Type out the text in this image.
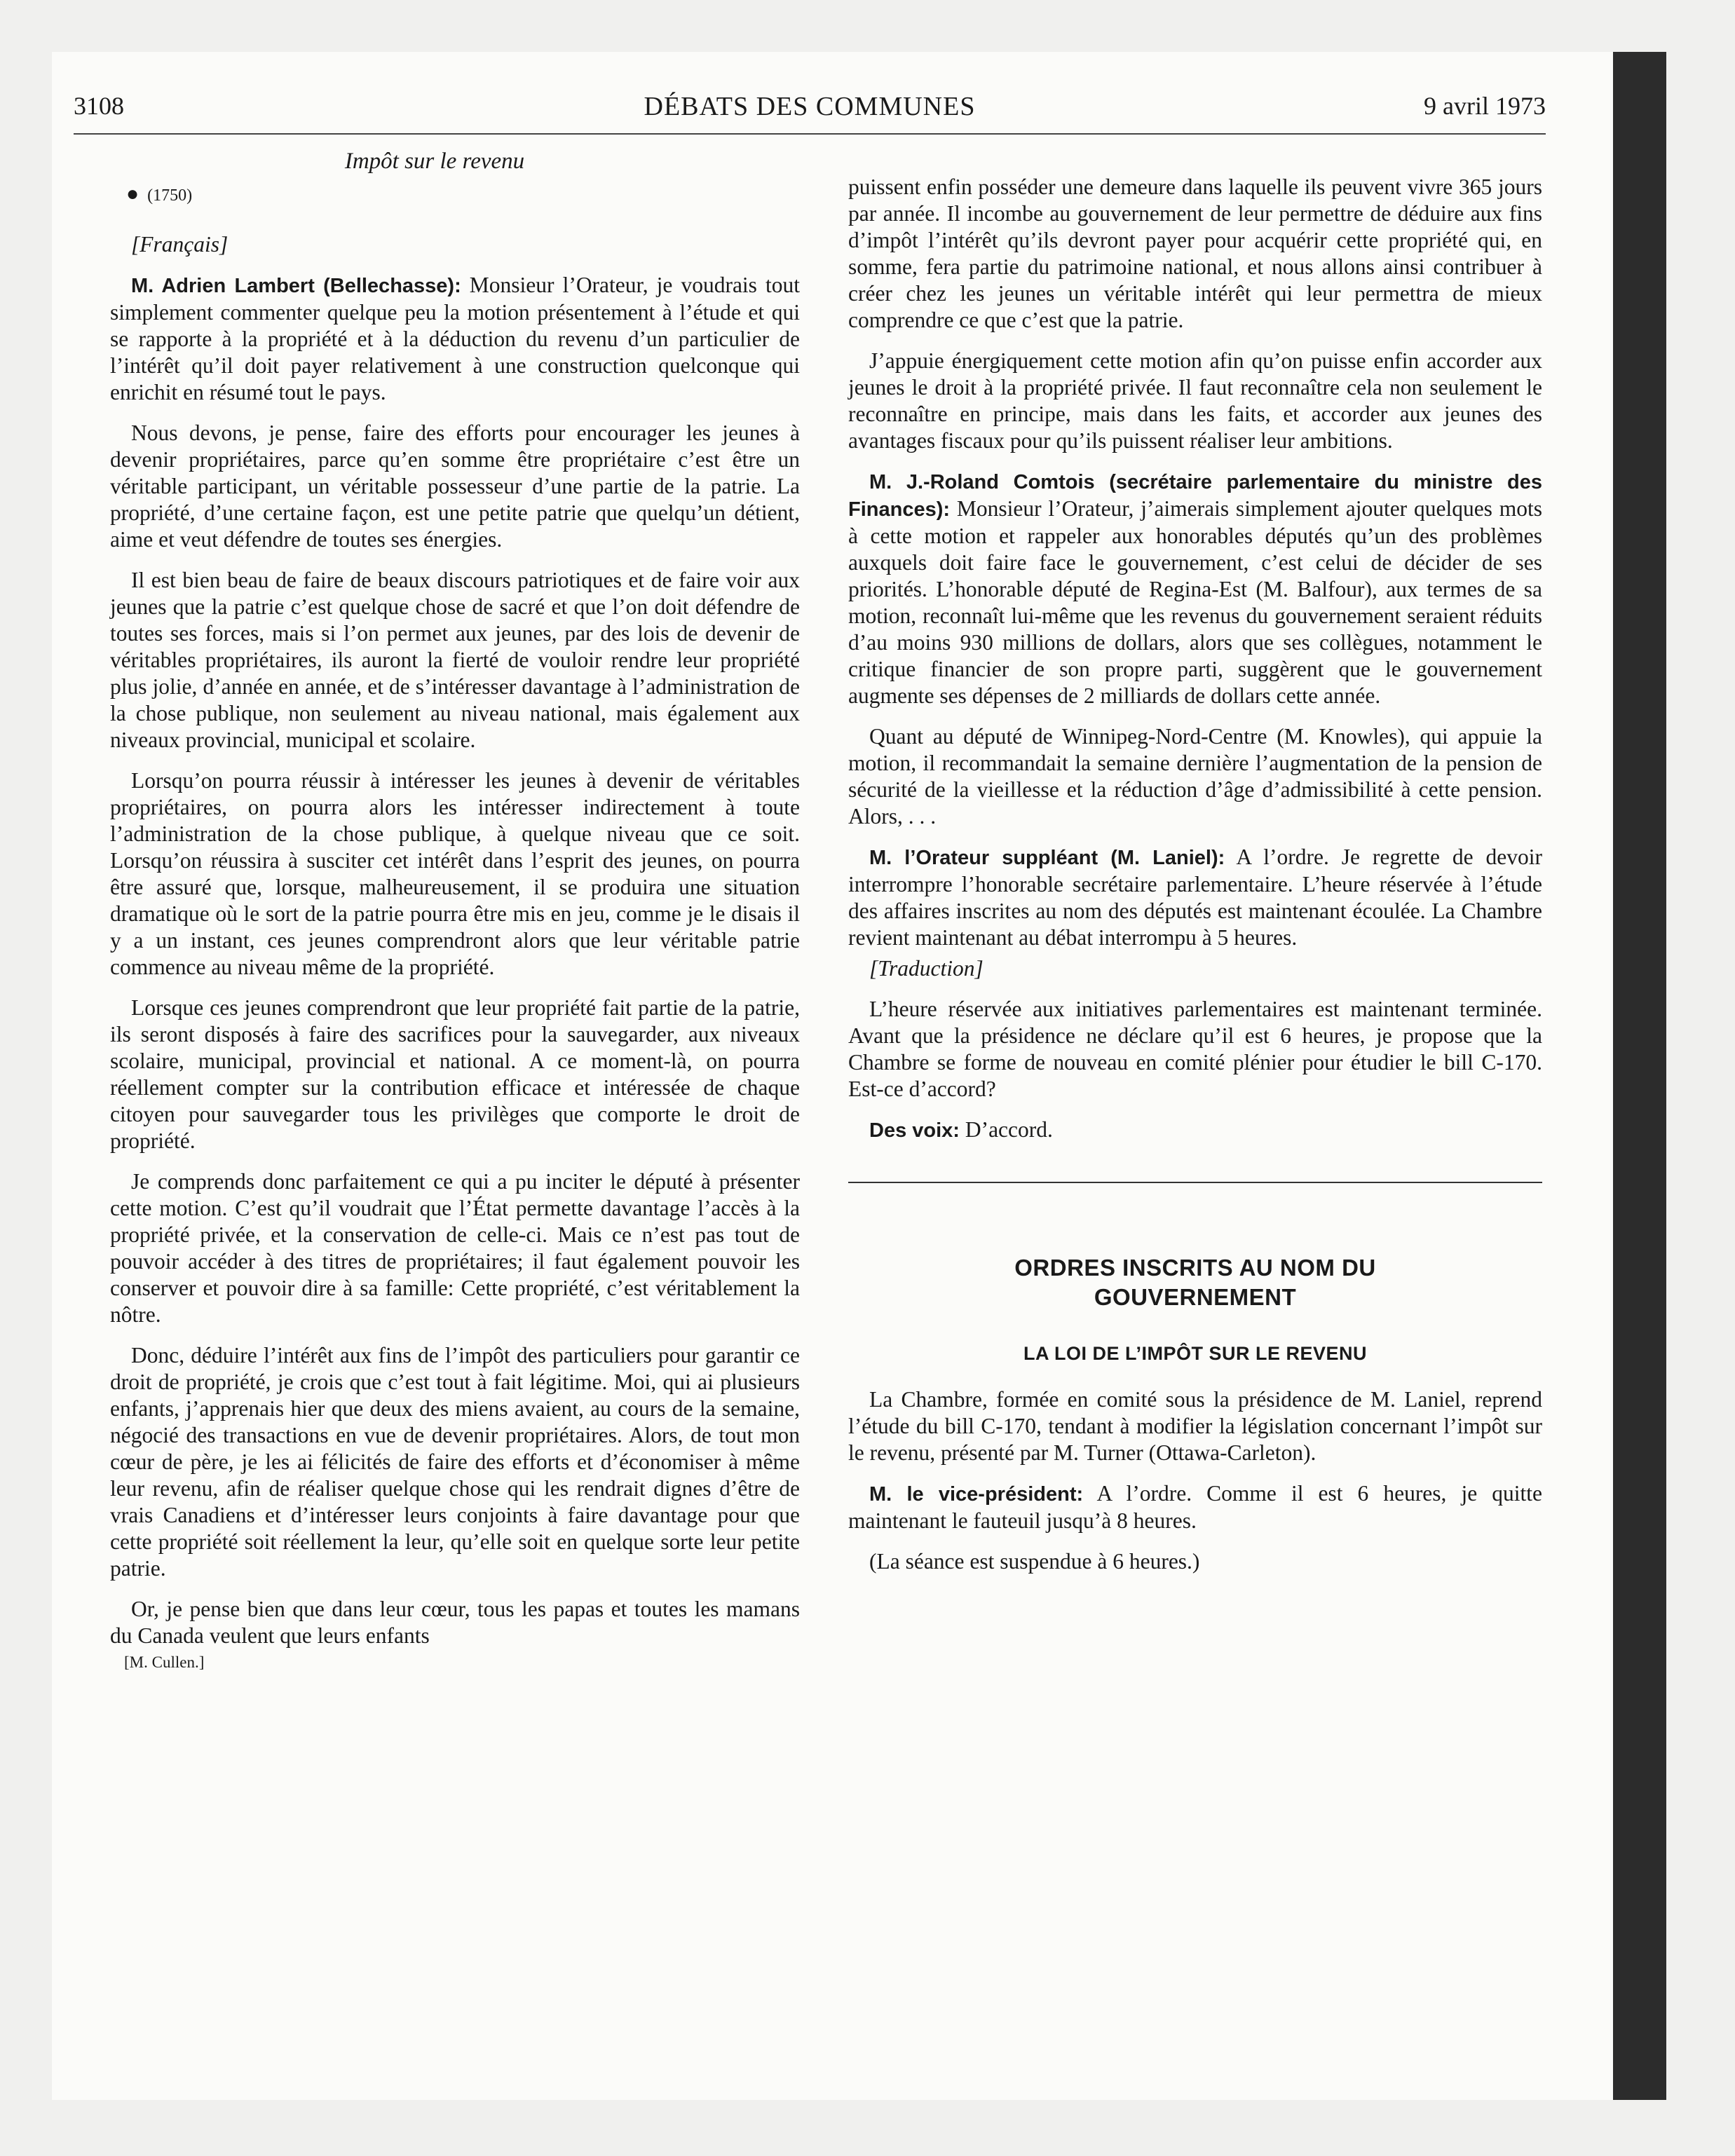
3108	DÉBATS DES COMMUNES	9 avril 1973
Impôt sur le revenu
● (1750)

[Français]

M. Adrien Lambert (Bellechasse): Monsieur l’Orateur, je voudrais tout simplement commenter quelque peu la motion présentement à l’étude et qui se rapporte à la propriété et à la déduction du revenu d’un particulier de l’intérêt qu’il doit payer relativement à une construction quelconque qui enrichit en résumé tout le pays.

Nous devons, je pense, faire des efforts pour encourager les jeunes à devenir propriétaires, parce qu’en somme être propriétaire c’est être un véritable participant, un véritable possesseur d’une partie de la patrie. La propriété, d’une certaine façon, est une petite patrie que quelqu’un détient, aime et veut défendre de toutes ses énergies.

Il est bien beau de faire de beaux discours patriotiques et de faire voir aux jeunes que la patrie c’est quelque chose de sacré et que l’on doit défendre de toutes ses forces, mais si l’on permet aux jeunes, par des lois de devenir de véritables propriétaires, ils auront la fierté de vouloir rendre leur propriété plus jolie, d’année en année, et de s’intéresser davantage à l’administration de la chose publique, non seulement au niveau national, mais également aux niveaux provincial, municipal et scolaire.

Lorsqu’on pourra réussir à intéresser les jeunes à devenir de véritables propriétaires, on pourra alors les intéresser indirectement à toute l’administration de la chose publique, à quelque niveau que ce soit. Lorsqu’on réussira à susciter cet intérêt dans l’esprit des jeunes, on pourra être assuré que, lorsque, malheureusement, il se produira une situation dramatique où le sort de la patrie pourra être mis en jeu, comme je le disais il y a un instant, ces jeunes comprendront alors que leur véritable patrie commence au niveau même de la propriété.

Lorsque ces jeunes comprendront que leur propriété fait partie de la patrie, ils seront disposés à faire des sacrifices pour la sauvegarder, aux niveaux scolaire, municipal, provincial et national. A ce moment-là, on pourra réellement compter sur la contribution efficace et intéressée de chaque citoyen pour sauvegarder tous les privilèges que comporte le droit de propriété.

Je comprends donc parfaitement ce qui a pu inciter le député à présenter cette motion. C’est qu’il voudrait que l’État permette davantage l’accès à la propriété privée, et la conservation de celle-ci. Mais ce n’est pas tout de pouvoir accéder à des titres de propriétaires; il faut également pouvoir les conserver et pouvoir dire à sa famille: Cette propriété, c’est véritablement la nôtre.

Donc, déduire l’intérêt aux fins de l’impôt des particuliers pour garantir ce droit de propriété, je crois que c’est tout à fait légitime. Moi, qui ai plusieurs enfants, j’apprenais hier que deux des miens avaient, au cours de la semaine, négocié des transactions en vue de devenir propriétaires. Alors, de tout mon cœur de père, je les ai félicités de faire des efforts et d’économiser à même leur revenu, afin de réaliser quelque chose qui les rendrait dignes d’être de vrais Canadiens et d’intéresser leurs conjoints à faire davantage pour que cette propriété soit réellement la leur, qu’elle soit en quelque sorte leur petite patrie.

Or, je pense bien que dans leur cœur, tous les papas et toutes les mamans du Canada veulent que leurs enfants

[M. Cullen.]

puissent enfin posséder une demeure dans laquelle ils peuvent vivre 365 jours par année. Il incombe au gouvernement de leur permettre de déduire aux fins d’impôt l’intérêt qu’ils devront payer pour acquérir cette propriété qui, en somme, fera partie du patrimoine national, et nous allons ainsi contribuer à créer chez les jeunes un véritable intérêt qui leur permettra de mieux comprendre ce que c’est que la patrie.

J’appuie énergiquement cette motion afin qu’on puisse enfin accorder aux jeunes le droit à la propriété privée. Il faut reconnaître cela non seulement le reconnaître en principe, mais dans les faits, et accorder aux jeunes des avantages fiscaux pour qu’ils puissent réaliser leur ambitions.

M. J.-Roland Comtois (secrétaire parlementaire du ministre des Finances): Monsieur l’Orateur, j’aimerais simplement ajouter quelques mots à cette motion et rappeler aux honorables députés qu’un des problèmes auxquels doit faire face le gouvernement, c’est celui de décider de ses priorités. L’honorable député de Regina-Est (M. Balfour), aux termes de sa motion, reconnaît lui-même que les revenus du gouvernement seraient réduits d’au moins 930 millions de dollars, alors que ses collègues, notamment le critique financier de son propre parti, suggèrent que le gouvernement augmente ses dépenses de 2 milliards de dollars cette année.

Quant au député de Winnipeg-Nord-Centre (M. Knowles), qui appuie la motion, il recommandait la semaine dernière l’augmentation de la pension de sécurité de la vieillesse et la réduction d’âge d’admissibilité à cette pension. Alors, . . .

M. l’Orateur suppléant (M. Laniel): A l’ordre. Je regrette de devoir interrompre l’honorable secrétaire parlementaire. L’heure réservée à l’étude des affaires inscrites au nom des députés est maintenant écoulée. La Chambre revient maintenant au débat interrompu à 5 heures.

[Traduction]

L’heure réservée aux initiatives parlementaires est maintenant terminée. Avant que la présidence ne déclare qu’il est 6 heures, je propose que la Chambre se forme de nouveau en comité plénier pour étudier le bill C-170. Est-ce d’accord?

Des voix: D’accord.

ORDRES INSCRITS AU NOM DU
GOUVERNEMENT
LA LOI DE L’IMPÔT SUR LE REVENU

La Chambre, formée en comité sous la présidence de M. Laniel, reprend l’étude du bill C-170, tendant à modifier la législation concernant l’impôt sur le revenu, présenté par M. Turner (Ottawa-Carleton).

M. le vice-président: A l’ordre. Comme il est 6 heures, je quitte maintenant le fauteuil jusqu’à 8 heures.

(La séance est suspendue à 6 heures.)
